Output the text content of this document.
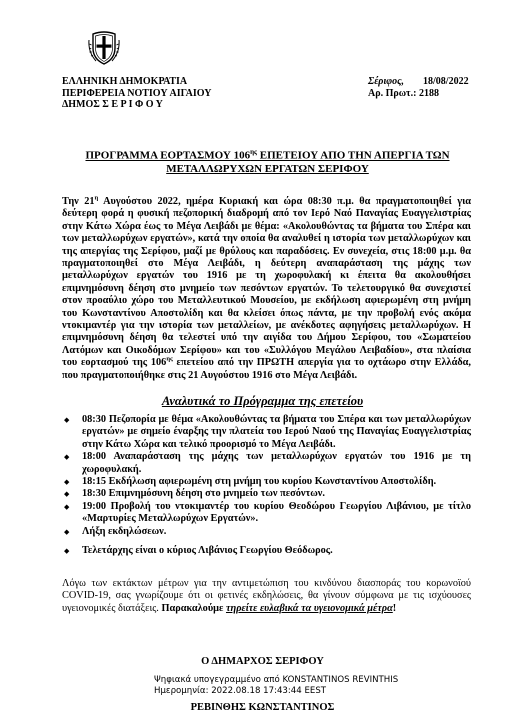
ΕΛΛΗΝΙΚΗ ΔΗΜΟΚΡΑΤΙΑ
ΠΕΡΙΦΕΡΕΙΑ ΝΟΤΙΟΥ ΑΙΓΑΙΟΥ
ΔΗΜΟΣ Σ Ε Ρ Ι Φ Ο Υ
Σέριφος, 18/08/2022
Αρ. Πρωτ.: 2188
ΠΡΟΓΡΑΜΜΑ ΕΟΡΤΑΣΜΟΥ $106^{\eta\varsigma}$ ΕΠΕΤΕΙΟΥ ΑΠΟ ΤΗΝ ΑΠΕΡΓΙΑ ΤΩΝ
ΜΕΤΑΛΛΩΡΥΧΩΝ ΕΡΓΑΤΩΝ ΣΕΡΙΦΟΥ
Την $21^\eta$ Αυγούστου 2022, ημέρα Κυριακή και ώρα 08:30 π.μ. θα πραγματοποιηθεί για δεύτερη φορά η φυσική πεζοπορική διαδρομή από τον Ιερό Ναό Παναγίας Ευαγγελιστρίας στην Κάτω Χώρα έως το Μέγα Λειβάδι με θέμα: «Ακολουθώντας τα βήματα του Σπέρα και των μεταλλωρύχων εργατών», κατά την οποία θα αναλυθεί η ιστορία των μεταλλωρύχων και της απεργίας της Σερίφου, μαζί με θρύλους και παραδόσεις. Εν συνεχεία, στις 18:00 μ.μ. θα πραγματοποιηθεί στο Μέγα Λειβάδι, η δεύτερη αναπαράσταση της μάχης των μεταλλωρύχων εργατών του 1916 με τη χωροφυλακή κι έπειτα θα ακολουθήσει επιμνημόσυνη δέηση στο μνημείο των πεσόντων εργατών. Το τελετουργικό θα συνεχιστεί στον προαύλιο χώρο του Μεταλλευτικού Μουσείου, με εκδήλωση αφιερωμένη στη μνήμη του Κωνσταντίνου Αποστολίδη και θα κλείσει όπως πάντα, με την προβολή ενός ακόμα ντοκιμαντέρ για την ιστορία των μεταλλείων, με ανέκδοτες αφηγήσεις μεταλλωρύχων. Η επιμνημόσυνη δέηση θα τελεστεί υπό την αιγίδα του Δήμου Σερίφου, του «Σωματείου Λατόμων και Οικοδόμων Σερίφου» και του «Συλλόγου Μεγάλου Λειβαδίου», στα πλαίσια του εορτασμού της $106^{\eta\varsigma}$ επετείου από την ΠΡΩΤΗ απεργία για το οχτάωρο στην Ελλάδα, που πραγματοποιήθηκε στις 21 Αυγούστου 1916 στο Μέγα Λειβάδι.
Αναλυτικά το Πρόγραμμα της επετείου
◆ 08:30 Πεζοπορία με θέμα «Ακολουθώντας τα βήματα του Σπέρα και των μεταλλωρύχων εργατών» με σημείο έναρξης την πλατεία του Ιερού Ναού της Παναγίας Ευαγγελιστρίας στην Κάτω Χώρα και τελικό προορισμό το Μέγα Λειβάδι.
◆ 18:00 Αναπαράσταση της μάχης των μεταλλωρύχων εργατών του 1916 με τη χωροφυλακή.
◆ 18:15 Εκδήλωση αφιερωμένη στη μνήμη του κυρίου Κωνσταντίνου Αποστολίδη.
◆ 18:30 Επιμνημόσυνη δέηση στο μνημείο των πεσόντων.
◆ 19:00 Προβολή του ντοκιμαντέρ του κυρίου Θεοδώρου Γεωργίου Λιβάνιου, με τίτλο «Μαρτυρίες Μεταλλωρύχων Εργατών».
◆ Λήξη εκδηλώσεων.
◆ Τελετάρχης είναι ο κύριος Λιβάνιος Γεωργίου Θεόδωρος.
Λόγω των εκτάκτων μέτρων για την αντιμετώπιση του κινδύνου διασποράς του κορωνοϊού COVID-19, σας γνωρίζουμε ότι οι φετινές εκδηλώσεις, θα γίνουν σύμφωνα με τις ισχύουσες υγειονομικές διατάξεις. Παρακαλούμε τηρείτε ευλαβικά τα υγειονομικά μέτρα!
Ο ΔΗΜΑΡΧΟΣ ΣΕΡΙΦΟΥ
Ψηφιακά υπογεγραμμένο από KONSTANTINOS REVINTHIS
Ημερομηνία: 2022.08.18 17:43:44 EEST
ΡΕΒΙΝΘΗΣ ΚΩΝΣΤΑΝΤΙΝΟΣ
